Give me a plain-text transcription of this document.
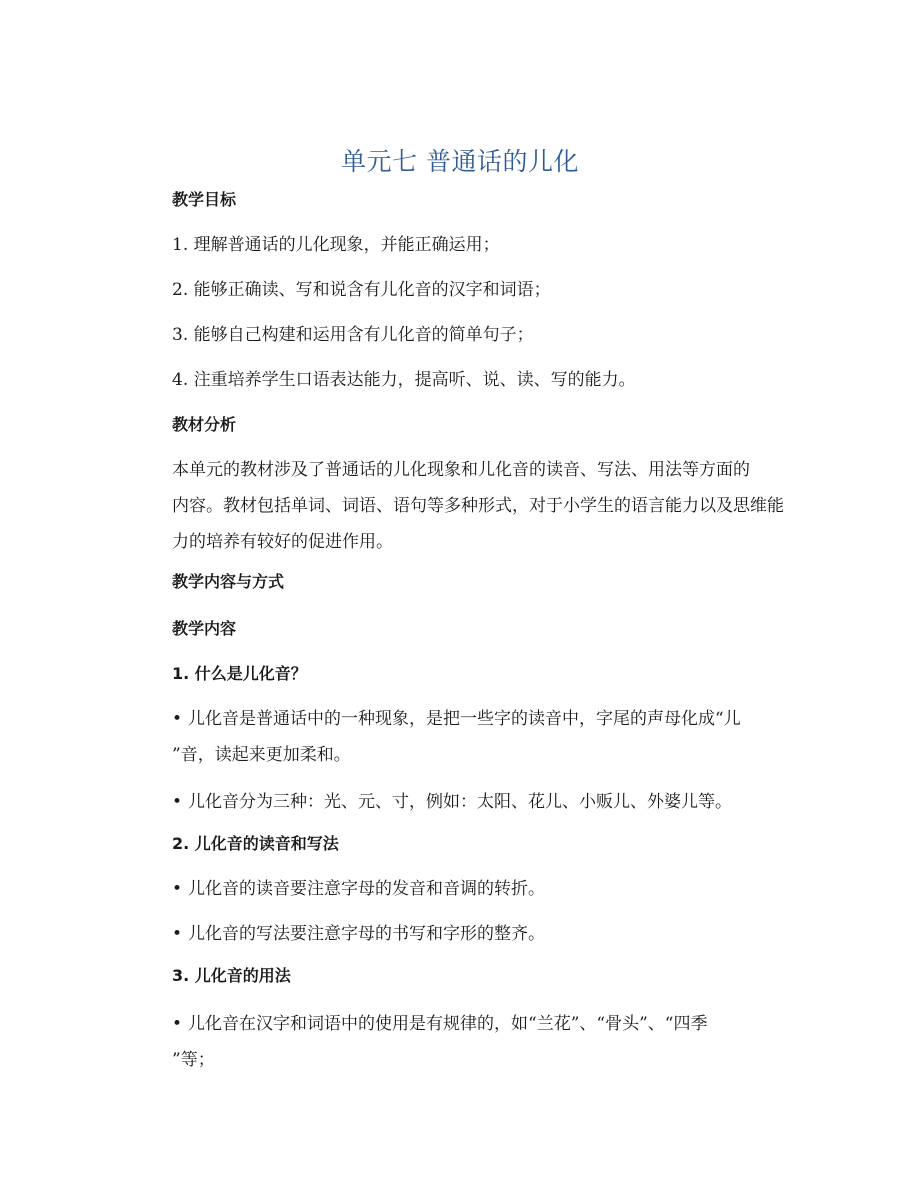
单元七 普通话的儿化
教学目标
1. 理解普通话的儿化现象，并能正确运用；
2. 能够正确读、写和说含有儿化音的汉字和词语；
3. 能够自己构建和运用含有儿化音的简单句子；
4. 注重培养学生口语表达能力，提高听、说、读、写的能力。
教材分析
本单元的教材涉及了普通话的儿化现象和儿化音的读音、写法、用法等方面的
内容。教材包括单词、词语、语句等多种形式，对于小学生的语言能力以及思维能
力的培养有较好的促进作用。
教学内容与方式
教学内容
1. 什么是儿化音？
• 儿化音是普通话中的一种现象，是把一些字的读音中，字尾的声母化成“儿
”音，读起来更加柔和。
• 儿化音分为三种：光、元、寸，例如：太阳、花儿、小贩儿、外婆儿等。
2. 儿化音的读音和写法
• 儿化音的读音要注意字母的发音和音调的转折。
• 儿化音的写法要注意字母的书写和字形的整齐。
3. 儿化音的用法
• 儿化音在汉字和词语中的使用是有规律的，如“兰花”、“骨头”、“四季
”等；
